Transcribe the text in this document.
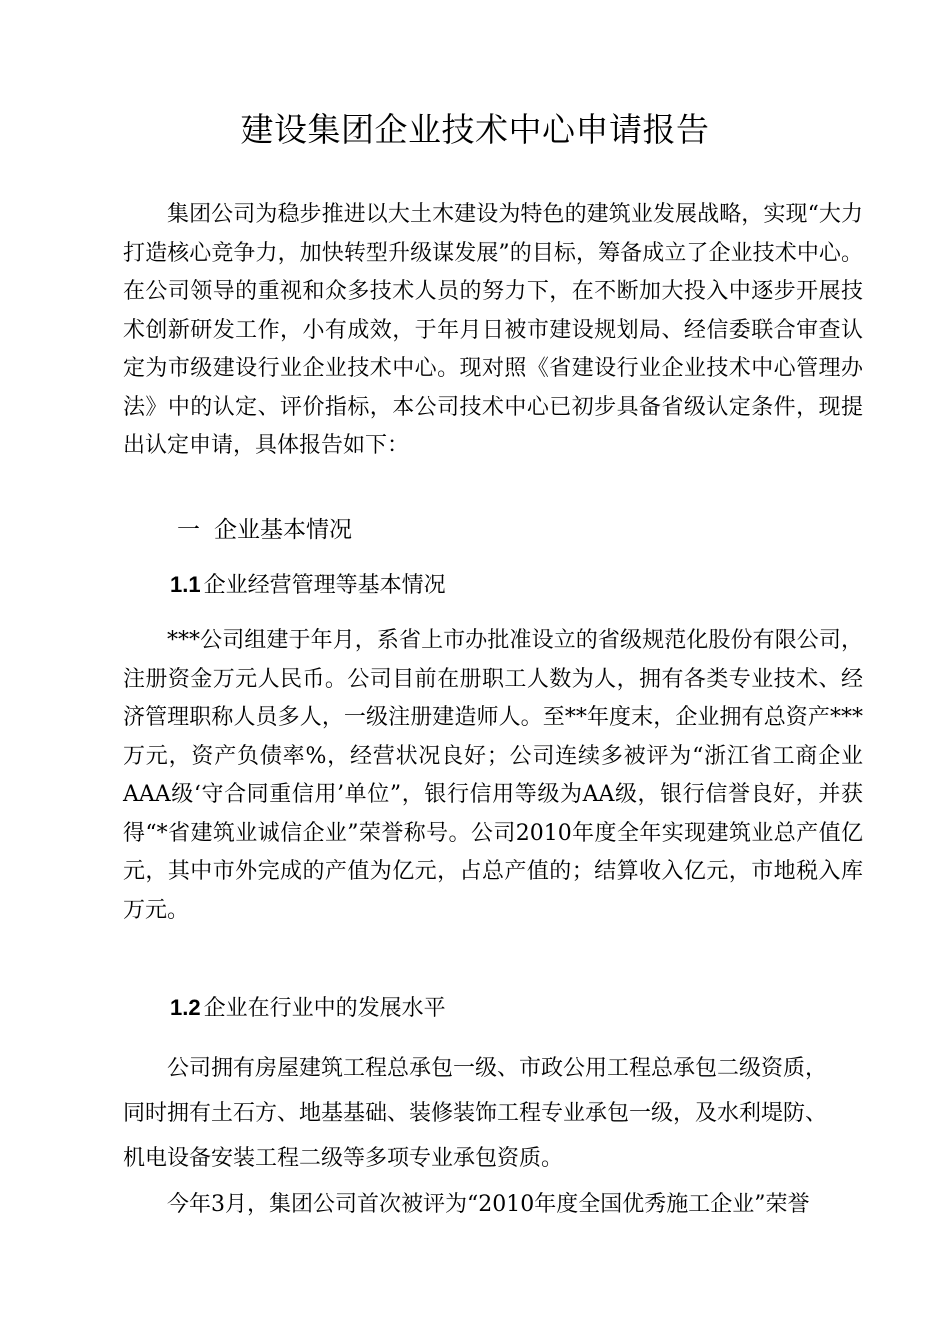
建设集团企业技术中心申请报告

集团公司为稳步推进以大土木建设为特色的建筑业发展战略，实现“大力打造核心竞争力，加快转型升级谋发展”的目标，筹备成立了企业技术中心。在公司领导的重视和众多技术人员的努力下，在不断加大投入中逐步开展技术创新研发工作，小有成效，于年月日被市建设规划局、经信委联合审查认定为市级建设行业企业技术中心。现对照《省建设行业企业技术中心管理办法》中的认定、评价指标，本公司技术中心已初步具备省级认定条件，现提出认定申请，具体报告如下：

一 企业基本情况
1.1 企业经营管理等基本情况

***公司组建于年月，系省上市办批准设立的省级规范化股份有限公司，注册资金万元人民币。公司目前在册职工人数为人，拥有各类专业技术、经济管理职称人员多人，一级注册建造师人。至**年度末，企业拥有总资产***万元，资产负债率%，经营状况良好；公司连续多被评为“浙江省工商企业AAA级‘守合同重信用’单位”，银行信用等级为AA级，银行信誉良好，并获得“*省建筑业诚信企业”荣誉称号。公司2010年度全年实现建筑业总产值亿元，其中市外完成的产值为亿元，占总产值的；结算收入亿元，市地税入库万元。

1.2 企业在行业中的发展水平

公司拥有房屋建筑工程总承包一级、市政公用工程总承包二级资质，

同时拥有土石方、地基基础、装修装饰工程专业承包一级，及水利堤防、

机电设备安装工程二级等多项专业承包资质。

今年3月，集团公司首次被评为“2010年度全国优秀施工企业”荣誉
